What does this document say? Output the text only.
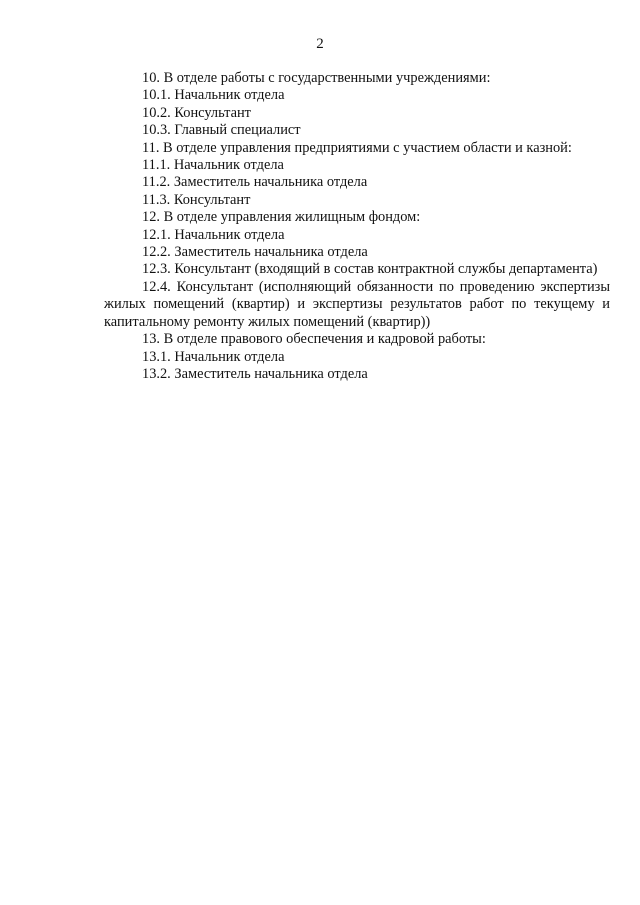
2

10. В отделе работы с государственными учреждениями:

10.1. Начальник отдела

10.2. Консультант

10.3. Главный специалист

11. В отделе управления предприятиями с участием области и казной:

11.1. Начальник отдела

11.2. Заместитель начальника отдела

11.3. Консультант

12. В отделе управления жилищным фондом:

12.1. Начальник отдела

12.2. Заместитель начальника отдела

12.3. Консультант (входящий в состав контрактной службы департамента)

12.4. Консультант (исполняющий обязанности по проведению экспертизы жилых помещений (квартир) и экспертизы результатов работ по текущему и капитальному ремонту жилых помещений (квартир))

13. В отделе правового обеспечения и кадровой работы:

13.1. Начальник отдела

13.2. Заместитель начальника отдела
